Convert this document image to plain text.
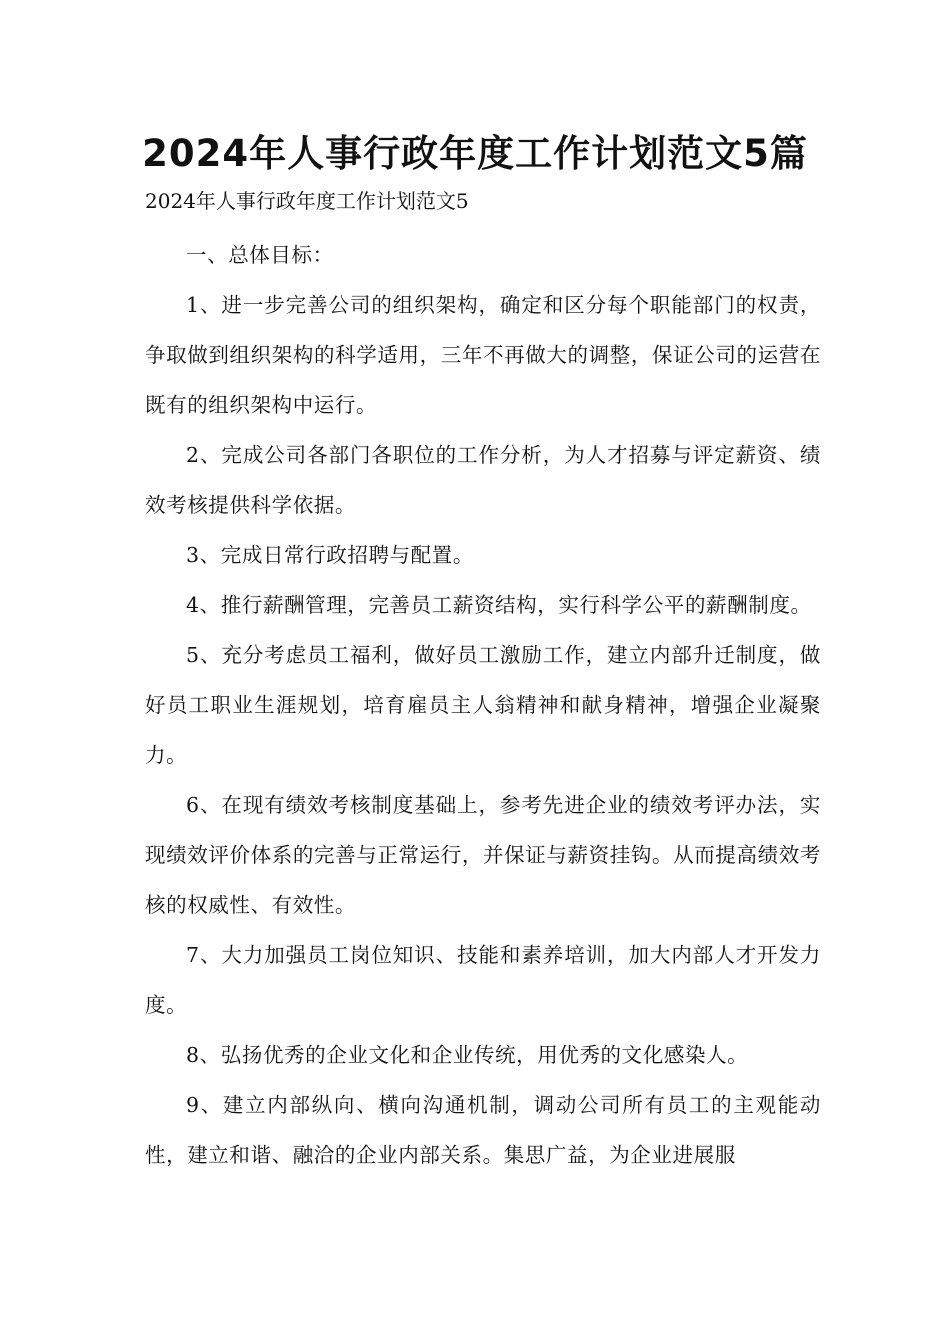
2024年人事行政年度工作计划范文5篇

2024年人事行政年度工作计划范文5

一、总体目标：

1、进一步完善公司的组织架构，确定和区分每个职能部门的权责，争取做到组织架构的科学适用，三年不再做大的调整，保证公司的运营在既有的组织架构中运行。

2、完成公司各部门各职位的工作分析，为人才招募与评定薪资、绩效考核提供科学依据。

3、完成日常行政招聘与配置。

4、推行薪酬管理，完善员工薪资结构，实行科学公平的薪酬制度。

5、充分考虑员工福利，做好员工激励工作，建立内部升迁制度，做好员工职业生涯规划，培育雇员主人翁精神和献身精神，增强企业凝聚力。

6、在现有绩效考核制度基础上，参考先进企业的绩效考评办法，实现绩效评价体系的完善与正常运行，并保证与薪资挂钩。从而提高绩效考核的权威性、有效性。

7、大力加强员工岗位知识、技能和素养培训，加大内部人才开发力度。

8、弘扬优秀的企业文化和企业传统，用优秀的文化感染人。

9、建立内部纵向、横向沟通机制，调动公司所有员工的主观能动性，建立和谐、融洽的企业内部关系。集思广益，为企业进展服
